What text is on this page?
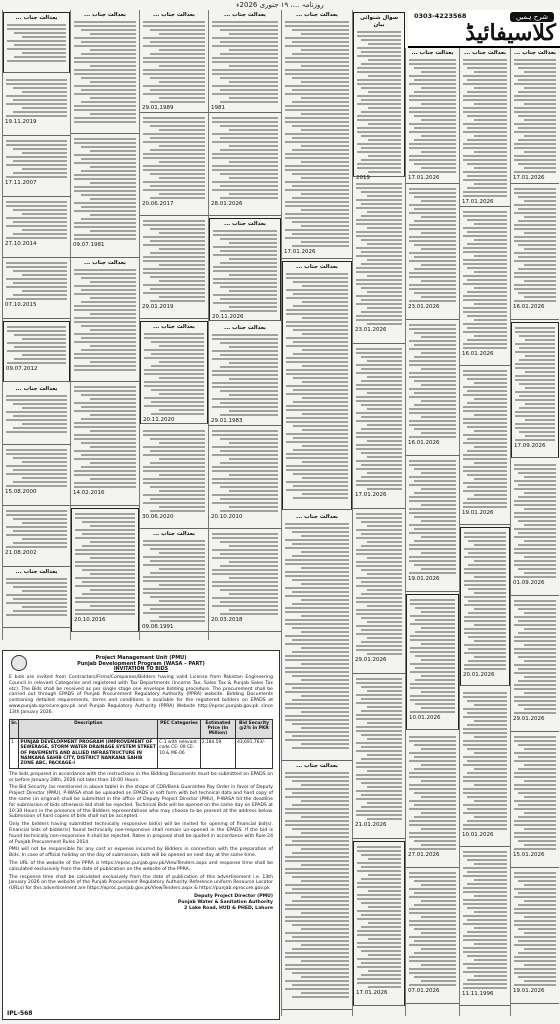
روزنامہ ...، ۱۹ جنوری 2026ء
0303-4223568	شرح ہمیں
کلاسیفائیڈ
بعدالت جناب ...
19.11.2019
17.11.2007
27.10.2014
07.10.2015
09.07.2012
بعدالت جناب ...
15.08.2000
21.08.2002
بعدالت جناب ...
بعدالت جناب ...
09.07.1981
بعدالت جناب ...
14.02.2016
20.10.2016
بعدالت جناب ...
29.01.1989
20.06.2017
29.01.2019
بعدالت جناب ...
20.11.2020
30.06.2020
بعدالت جناب ...
09.08.1991
بعدالت جناب ...
1981
28.01.2026
بعدالت جناب ...
20.11.2026
بعدالت جناب ...
29.01.1983
20.10.2010
20.03.2018
بعدالت جناب ...
17.01.2026
بعدالت جناب ...
بعدالت جناب ...
بعدالت جناب ...
سوال شنوائی بیان
2019
23.01.2026
17.01.2026
29.01.2026
21.01.2026
17.01.2026
بعدالت جناب ...
17.01.2026
23.01.2026
16.01.2026
19.01.2026
10.01.2026
27.01.2026
07.01.2026
بعدالت جناب ...
17.01.2026
16.01.2026
19.01.2026
20.01.2026
10.01.2026
11.11.1996
بعدالت جناب ...
17.01.2026
16.01.2026
17.09.2026
01.09.2026
29.01.2026
15.01.2026
19.01.2026
Project Management Unit (PMU)
Punjab Development Program (WASA – PART)
INVITATION TO BIDS

E bids are invited from Contractors/Firms/Companies/Bidders having valid License from Pakistan Engineering Council in relevant Categories and registered with Tax Departments (Income Tax, Sales Tax & Punjab Sales Tax etc). The Bids shall be received as per single stage one envelope bidding procedure. The procurement shall be carried out through EPADS of Punjab Procurement Regulatory Authority (PPRA) website. Bidding Documents containing detailed requirements, terms and conditions is available for the registered bidders on EPADS at www.punjab.eprocure.gov.pk and Punjab Regulatory Authority (PPRA) Website http://eproc.punjab.gov.pk since 13th January 2026.

Sr.	Description	PEC Categories	Estimated Price (In Million)	Bid Security @2% in PKR
1	PUNJAB DEVELOPMENT PROGRAM (IMPROVEMENT OF SEWERAGE, STORM WATER DRAINAGE SYSTEM STREET OF PAVEMENTS AND ALLIED INFRASTRUCTURE IN NANKANA SAHIB CITY, DISTRICT NANKANA SAHIB ZONE ABC, PACKAGE-I	C-1 with relevant code CE- 09 CE- 10 & ME-06	2,184.59	43,691,763/-

The bids prepared in accordance with the instructions in the Bidding Documents must be submitted on EPADS on or before January 28th, 2026 not later than 10:00 Hours.

The Bid Security (as mentioned in above table) in the shape of CDR/Bank Guarantee Pay Order in favor of Deputy Project Director (PMU), P-WASA shall be uploaded on EPADS in soft form with bid technical data and hard copy of the same (in original) shall be submitted in the office of Deputy Project Director (PMU), P-WASA till the deadline for submission of bids otherwise bid shall be rejected. Technical Bids will be opened on the same day on EPADS at 10:30 Hours in the presence of the Bidders representatives who may choose to be present at the address below. Submission of hard copies of bids shall not be accepted.

Only the bidders having submitted technically responsive bid(s) will be invited for opening of financial bid(s). Financial bids of bidder(s) found technically non-responsive shall remain un-opened in the EPADS. If the bid is found technically non-responsive it shall be rejected. Rates in proposal shall be quoted in accordance with Rule 24 of Punjab Procurement Rules 2014.

PMU will not be responsible for any cost or expense incurred by Bidders in connection with the preparation of Bids. In case of official holiday on the day of submission, bids will be opened on next day at the same time.

The URL of the website of the PPRA is https://eproc.punjab.gov.pk/ViewTenders.aspx and response time shall be calculated exclusively from the date of publication on the website of the PPRA.

The response time shall be calculated exclusively from the date of publication of this advertisement i.e. 13th January 2026 on the website of the Punjab Procurement Regulatory Authority. Reference uniform Resource Locator (URLs) for this advertisement are https://eproc.punjab.gov.pk/ViewTenders.aspx & https://punjab.eprocure.gov.pk

Deputy Project Director (PMU)
Punjab Water & Sanitation Authority
2 Lake Road, HUD & PHED, Lahore
IPL-568
